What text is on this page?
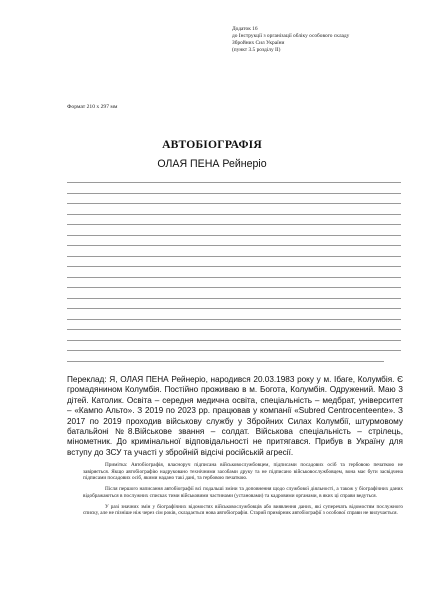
Додаток 16
до Інструкції з організації обліку особового складу
Збройних Сил України
(пункт 3.5 розділу II)
Формат 210 х 297 мм
АВТОБІОГРАФІЯ
ОЛАЯ ПЕНА Рейнеріо
Переклад: Я, ОЛАЯ ПЕНА Рейнеріо, народився 20.03.1983 року у м. Ібаге, Колумбія. Є громадянином Колумбія. Постійно проживаю в м. Богота, Колумбія. Одружений. Маю 3 дітей. Католик. Освіта – середня медична освіта, спеціальність – медбрат, університет – «Кампо Альто». З 2019 по 2023 рр. працював у компанії «Subred Centrocenteente». З 2017 по 2019 проходив військову службу у Збройних Силах Колумбії, штурмовому батальйоні №8.Військове звання – солдат. Військова спеціальність – стрілець, мінометник. До кримінальної відповідальності не притягався. Прибув в Україну для вступу до ЗСУ та участі у збройній відсічі російській агресії.

Примітка: Автобіографія, власноруч підписана військовослужбовцем, підписами посадових осіб та гербовою печаткою не завіряється. Якщо автобіографію надруковано технічними засобами друку та не підписано військовослужбовцем, вона має бути засвідчена підписами посадових осіб, якими надано такі дані, та гербовою печаткою.

Після першого написання автобіографії всі подальші зміни та доповнення щодо службової діяльності, а також у біографічних даних відображаються в послужних списках тими військовими частинами (установами) та кадровими органами, в яких ці справи ведуться.

У разі значних змін у біографічних відомостях військовослужбовців або виявлення даних, які суперечать відомостям послужного списку, але не пізніше ніж через сім років, складається нова автобіографія. Старий примірник автобіографії з особової справи не вилучається.
